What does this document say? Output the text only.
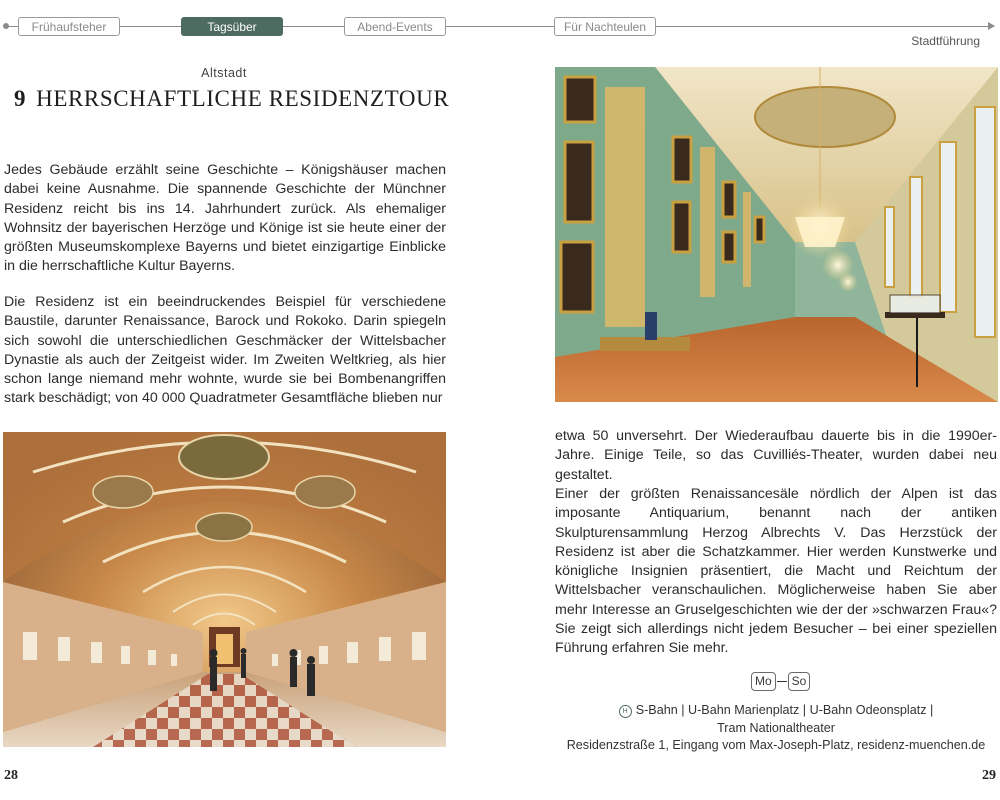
Frühaufsteher	Tagsüber	Abend-Events	Für Nachteulen
Stadtführung
Altstadt
9 HERRSCHAFTLICHE RESIDENZTOUR

Jedes Gebäude erzählt seine Geschichte – Königshäuser machen dabei keine Ausnahme. Die spannende Geschichte der Münchner Residenz reicht bis ins 14. Jahrhundert zurück. Als ehemaliger Wohnsitz der bayerischen Herzöge und Könige ist sie heute einer der größten Museumskomplexe Bayerns und bietet einzigartige Einblicke in die herrschaftliche Kultur Bayerns.

Die Residenz ist ein beeindruckendes Beispiel für verschiedene Baustile, darunter Renaissance, Barock und Rokoko. Darin spiegeln sich sowohl die unterschiedlichen Geschmäcker der Wittelsbacher Dynastie als auch der Zeitgeist wider. Im Zweiten Weltkrieg, als hier schon lange niemand mehr wohnte, wurde sie bei Bombenangriffen stark beschädigt; von 40 000 Quadratmeter Gesamtfläche blieben nur

etwa 50 unversehrt. Der Wiederaufbau dauerte bis in die 1990er-Jahre. Einige Teile, so das Cuvilliés-Theater, wurden dabei neu gestaltet.

Einer der größten Renaissancesäle nördlich der Alpen ist das imposante Antiquarium, benannt nach der antiken Skulpturensammlung Herzog Albrechts V. Das Herzstück der Residenz ist aber die Schatzkammer. Hier werden Kunstwerke und königliche Insignien präsentiert, die Macht und Reichtum der Wittelsbacher veranschaulichen. Möglicherweise haben Sie aber mehr Interesse an Gruselgeschichten wie der der »schwarzen Frau«? Sie zeigt sich allerdings nicht jedem Besucher – bei einer speziellen Führung erfahren Sie mehr.

Mo	So
H S-Bahn | U-Bahn Marienplatz | U-Bahn Odeonsplatz |
Tram Nationaltheater
Residenzstraße 1, Eingang vom Max-Joseph-Platz, residenz-muenchen.de
28	29
